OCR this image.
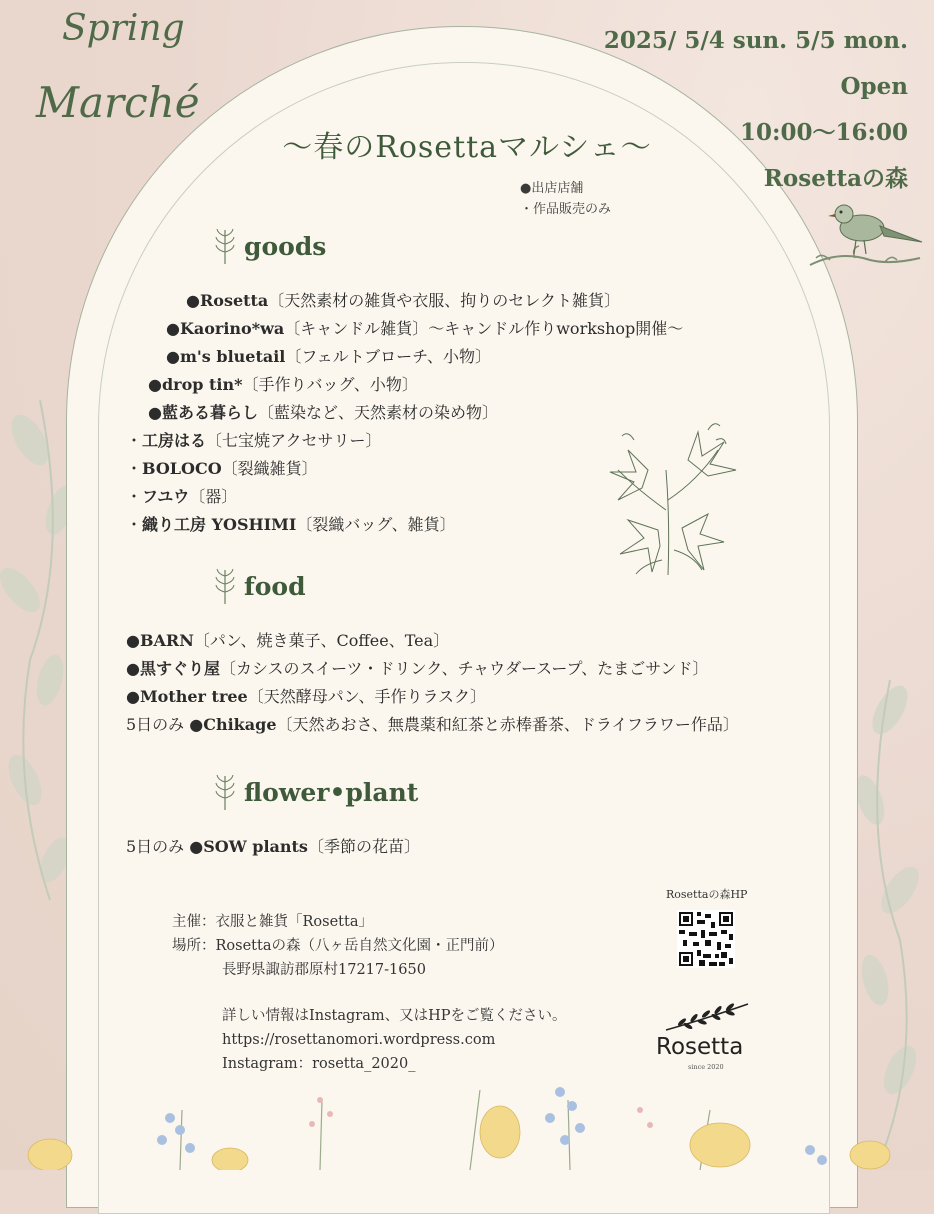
Spring
Marché
2025/ 5/4 sun. 5/5 mon.
Open
10:00～16:00
Rosettaの森
～春のRosettaマルシェ～
●出店店舗
・作品販売のみ
goods
●Rosetta〔天然素材の雑貨や衣服、拘りのセレクト雑貨〕
●Kaorino*wa〔キャンドル雑貨〕～キャンドル作りworkshop開催～
●m's bluetail〔フェルトブローチ、小物〕
●drop tin*〔手作りバッグ、小物〕
●藍ある暮らし〔藍染など、天然素材の染め物〕
・工房はる〔七宝焼アクセサリー〕
・BOLOCO〔裂織雑貨〕
・フユウ〔器〕
・織り工房 YOSHIMI〔裂織バッグ、雑貨〕
food
●BARN〔パン、焼き菓子、Coffee、Tea〕
●黒すぐり屋〔カシスのスイーツ・ドリンク、チャウダースープ、たまごサンド〕
●Mother tree〔天然酵母パン、手作りラスク〕
5日のみ ●Chikage〔天然あおさ、無農薬和紅茶と赤棒番茶、ドライフラワー作品〕
flower•plant
5日のみ ●SOW plants〔季節の花苗〕
主催：衣服と雑貨「Rosetta」
場所：Rosettaの森（八ヶ岳自然文化園・正門前）
長野県諏訪郡原村17217-1650
詳しい情報はInstagram、又はHPをご覧ください。
https://rosettanomori.wordpress.com
Instagram：rosetta_2020_
Rosettaの森HP
Rosetta
since 2020
